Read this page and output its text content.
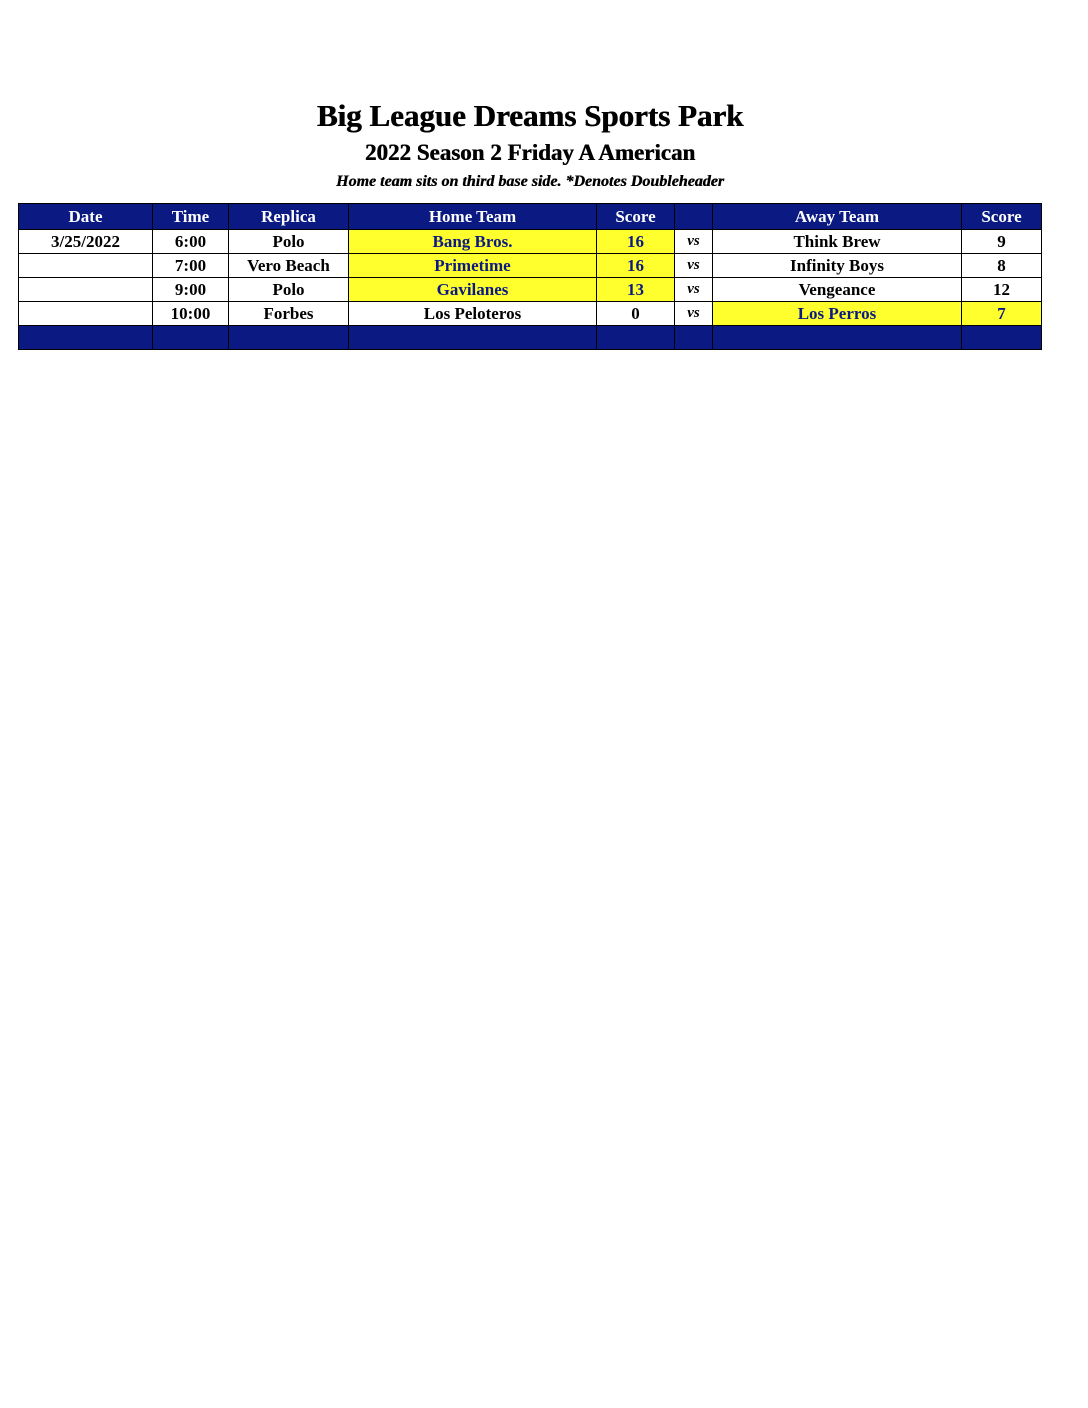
Big League Dreams Sports Park
2022 Season 2 Friday A American
Home team sits on third base side. *Denotes Doubleheader
Date	Time	Replica	Home Team	Score		Away Team	Score
3/25/2022	6:00	Polo	Bang Bros.	16	vs	Think Brew	9
	7:00	Vero Beach	Primetime	16	vs	Infinity Boys	8
	9:00	Polo	Gavilanes	13	vs	Vengeance	12
	10:00	Forbes	Los Peloteros	0	vs	Los Perros	7
